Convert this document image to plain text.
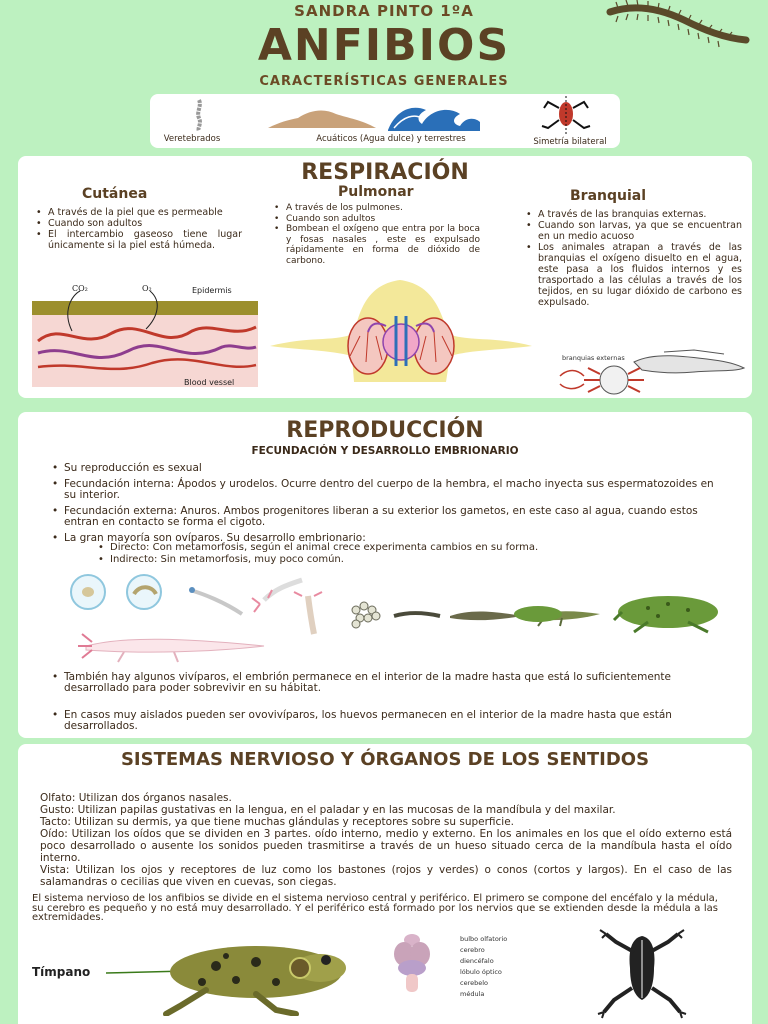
SANDRA PINTO 1ºA
ANFIBIOS
CARACTERÍSTICAS GENERALES
Veretebrados	Acuáticos (Agua dulce) y terrestres	Simetría bilateral
RESPIRACIÓN
Cutánea
• A través de la piel que es permeable
• Cuando son adultos
• El intercambio gaseoso tiene lugar únicamente si la piel está húmeda.
CO₂	O₂	Epidermis
Blood vessel
Pulmonar
• A través de los pulmones.
• Cuando son adultos
• Bombean el oxígeno que entra por la boca y fosas nasales , este es expulsado rápidamente en forma de dióxido de carbono.
Branquial
• A través de las branquias externas.
• Cuando son larvas, ya que se encuentran en un medio acuoso
• Los animales atrapan a través de las branquias el oxígeno disuelto en el agua, este pasa a los fluidos internos y es trasportado a las células a través de los tejidos, en su lugar dióxido de carbono es expulsado.
branquias externas
REPRODUCCIÓN
FECUNDACIÓN Y DESARROLLO EMBRIONARIO
• Su reproducción es sexual
• Fecundación interna: Ápodos y urodelos. Ocurre dentro del cuerpo de la hembra, el macho inyecta sus espermatozoides en su interior.
• Fecundación externa: Anuros. Ambos progenitores liberan a su exterior los gametos, en este caso al agua, cuando estos entran en contacto se forma el cigoto.
• La gran mayoría son ovíparos. Su desarrollo embrionario:
• Directo: Con metamorfosis, según el animal crece experimenta cambios en su forma.
• Indirecto: Sin metamorfosis, muy poco común.
• También hay algunos vivíparos, el embrión permanece en el interior de la madre hasta que está lo suficientemente desarrollado para poder sobrevivir en su hábitat.
• En casos muy aislados pueden ser ovovivíparos, los huevos permanecen en el interior de la madre hasta que están desarrollados.
SISTEMAS NERVIOSO Y ÓRGANOS DE LOS SENTIDOS

Olfato: Utilizan dos órganos nasales.

Gusto: Utilizan papilas gustativas en la lengua, en el paladar y en las mucosas de la mandíbula y del maxilar.

Tacto: Utilizan su dermis, ya que tiene muchas glándulas y receptores sobre su superficie.

Oído: Utilizan los oídos que se dividen en 3 partes. oído interno, medio y externo. En los animales en los que el oído externo está poco desarrollado o ausente los sonidos pueden trasmitirse a través de un hueso situado cerca de la mandíbula hasta el oído interno.

Vista: Utilizan los ojos y receptores de luz como los bastones (rojos y verdes) o conos (cortos y largos). En el caso de las salamandras o cecilias que viven en cuevas, son ciegas.

El sistema nervioso de los anfibios se divide en el sistema nervioso central y periférico. El primero se compone del encéfalo y la médula, su cerebro es pequeño y no está muy desarrollado. Y el periférico está formado por los nervios que se extienden desde la médula a las extremidades.
Tímpano
bulbo olfatorio
cerebro
diencéfalo
lóbulo óptico
cerebelo
médula
